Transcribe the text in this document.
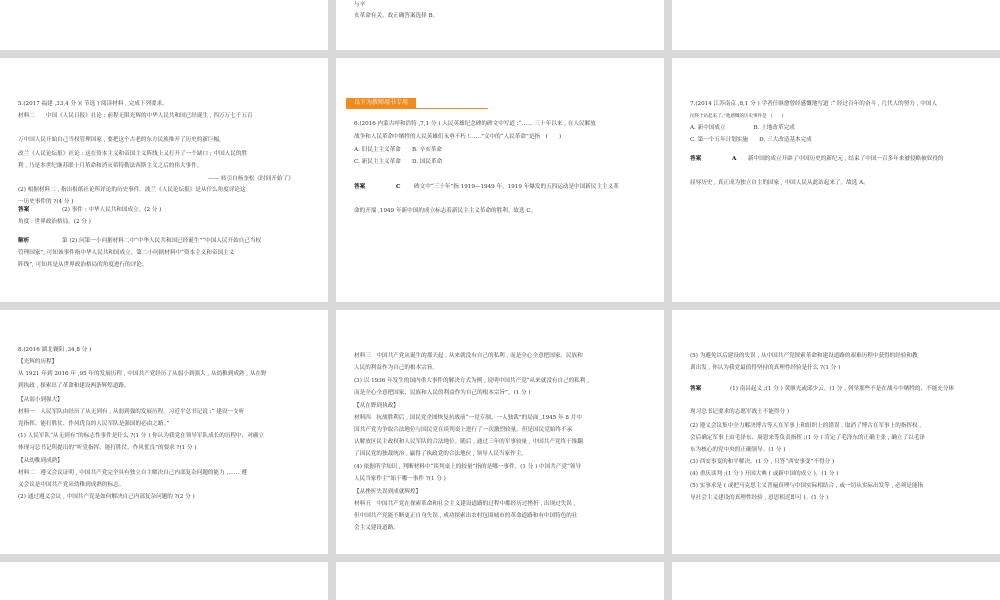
与辛

亥革命有关。故正确答案选择 B。

5.(2017 福建 ,33,4 分 )( 节选 ) 阅读材料 , 完成下列要求。

材料二　　中国《人民日报》社论 : 前程无限光辉的中华人民共和国已经诞生 , 四万万七千五百

万中国人民开始自己当权管理国家 , 要把这个古老的东方民族推开了历史的新巨幅。

改兰《人民论坛报》社论 : 这在资本主义和帝国主义阵线上又打开了一个缺口 ; 中国人民的胜

利 , 乃是本世纪继苏联十月革命和消灭希特勒法西斯主义之后的伟大事件。

—— 转引自杨奎松《时间开始了》

(2) 根据材料二 , 指出报纸社论所评论的历史事件。波兰《人民论坛报》是从什么角度评论这

一历史事件的 ?(4 分 )

答案	(2) 事件 : 中华人民共和国成立。(2 分 )

角度 : 世界政治格局。(2 分 )

解析	第 (2) 问第一小问据材料二中“中华人民共和国已经诞生”“中国人民开始自己当权

管理国家”, 可知该事件指中华人民共和国成立。第二小问据材料中“资本主义和帝国主义

阵线”, 可知其是从世界政治格局的角度进行的评论。

以下为教师用书专用

6.(2016 内蒙古呼和浩特 ,7,1 分 ) 人民英雄纪念碑的碑文中写道 :“…… 三十年以来 , 在人民解放

战争和人民革命中牺牲的人民英雄们永垂不朽 !……”文中的“人民革命”是指　(　　)

A. 旧民主主义革命　　B. 辛亥革命

C. 新民主主义革命　　D. 国民革命

答案	C 碑文中“三十年”指 1919—1949 年。1919 年爆发的五四运动是中国新民主主义革

命的开端 ,1949 年新中国的成立标志着新民主主义革命的胜利。故选 C。

7.(2014 江苏南京 ,8,1 分 ) 学者任继愈曾经感慨地写道 :“ 经过百年的奋斗 , 几代人的努力 , 中国人

民终于站起来了。”他感慨的历史事件是　(　　)

A. 新中国成立　　　　　B. 土地改革完成

C. 第一个五年计划实施　　D. 三大改造基本完成

答案	A 新中国的成立开辟了中国历史的新纪元 , 结束了中国一百多年来被侵略被奴役的

屈辱历史 , 真正成为独立自主的国家 , 中国人民从此站起来了。故选 A。

8.(2016 湖北襄阳 ,34,8 分 )

【光辉的历程】

从 1921 年到 2016 年 ,95 年的发展历程 , 中国共产党经历了从弱小到强大 , 从幼稚到成熟 , 从在野

到执政 , 探索出了革命和建设两条辉煌道路。

【从弱小到强大】

材料一　人民军队由经历了从无到有 , 从弱到强的发展历程。习近平总书记说 :“ 建设一支听

党指挥、能打胜仗、作风优良的人民军队是强国的必由之路。”

(1) 人民军队“从无到有”的标志性事件是什么 ?(1 分 ) 你认为我党在领导军队成长的历程中，对确立

体现习总书记所提出的“听党指挥、能打胜仗、作风优良”的要求 ?(1 分 )

【从幼稚到成熟】

材料二　遵义会议证明 , 中国共产党完全具有独立自主解决自己内部复杂问题的能力 ,…… 遵

义会议是中国共产党从幼稚到成熟的标志。

(2) 通过遵义会议 , 中国共产党是如何解决自己内部复杂问题的 ?(2 分 )

材料三　中国共产党从诞生的那天起 , 从来就没有自己的私利 , 而是全心全意把国家、民族和

人民的利益作为自己的根本宗旨。

(3) 以 1936 年发生的国内重大事件的解决方式为例 , 说明中国共产党“从来就没有自己的私利 ,

而是全心全意把国家、民族和人民的利益作为自己的根本宗旨”。(1 分 )

【从在野到执政】

材料四　抗战胜利后 , 国民党企图恢复抗战前“一党专制、一人独裁”的局面 ,1945 年 8 月中

国共产党为争取合法地位与国民党在谈判桌上进行了一次激烈较量。但是国民党始终不承

认解放区民主政权和人民军队的合法地位。随后 , 通过三年的军事较量 , 中国共产党终于推翻

了国民党的独裁统治 , 赢得了执政党的合法地位 , 领导人民当家作主。

(4) 依据所学知识 , 判断材料中“谈判桌上的较量”指的是哪一事件。(1 分 ) 中国共产党“领导

人民当家作主”始于哪一事件 ?(1 分 )

【从挫折失误到成就辉煌】

材料五　中国共产党在探索革命和社会主义建设道路的过程中都经历过挫折 , 出现过失误 ,

但中国共产党能不断更正自身失误 , 成功探索出农村包围城市的革命道路和有中国特色的社

会主义建设道路。

(5) 为避免以后建设的失误 , 从中国共产党探索革命和建设道路的艰难历程中获得的经验和教

训出发 , 你认为我党最值得坚持的真理性经验是什么 ?(1 分 )

答案	(1) 南昌起义 ;(1 分 ) 黄继光或邱少云。(1 分 , 列举那些不是在战斗中牺牲的、不能充分体

现习总书记要求的志愿军战士不能得分 )

(2) 遵义会议集中全力解决博古等人在军事上和组织上的错误 , 取消了博古在军事上的指挥权 ,

会后确定军事上由毛泽东、周恩来等负责指挥 ;(1 分 ) 肯定了毛泽东的正确主张 , 确立了以毛泽

东为核心的党中央的正确领导。(1 分 )

(3) 西安事变的和平解决。(1 分 , 只答“西安事变”不得分 )

(4) 重庆谈判 ;(1 分 ) 开国大典 ( 或新中国的成立 )。(1 分 )

(5) 实事求是 ( 或把马克思主义普遍真理与中国实际相结合 , 或一切从实际出发等 , 必须是能指

导社会主义建设的真理性经验 , 意思相近即可 )。(1 分 )
